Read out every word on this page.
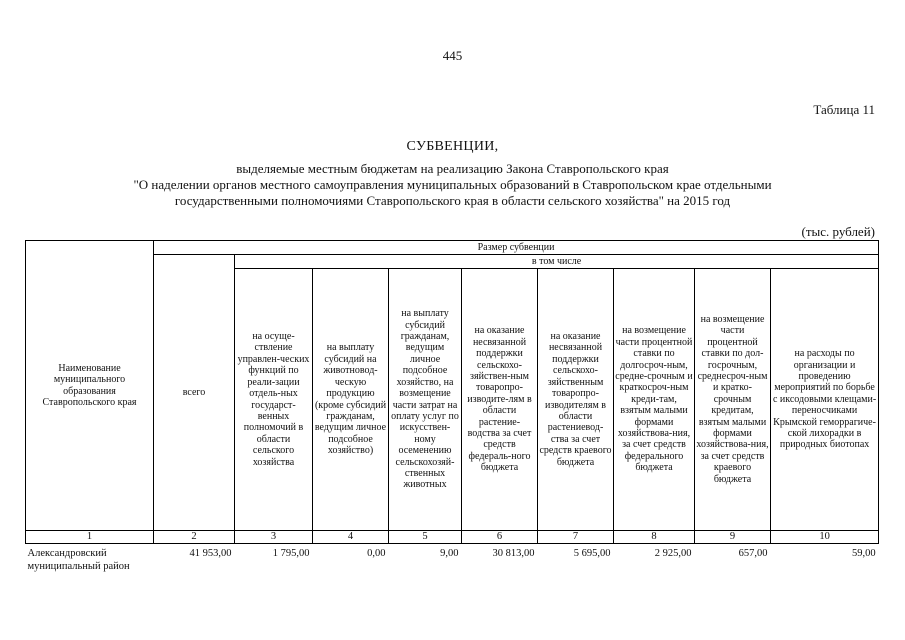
445
Таблица 11
СУБВЕНЦИИ,
выделяемые местным бюджетам на реализацию Закона Ставропольского края
"О наделении органов местного самоуправления муниципальных образований в Ставропольском крае отдельными
государственными полномочиями Ставропольского края в области сельского хозяйства" на 2015 год
(тыс. рублей)
Наименование муниципального образования Ставропольского края	Размер субвенции								
	всего	в том числе							
		на осуще-ствление управлен-ческих функций по реали-зации отдель-ных государст-венных полномочий в области сельского хозяйства	на выплату субсидий на животновод-ческую продукцию (кроме субсидий гражданам, ведущим личное подсобное хозяйство)	на выплату субсидий гражданам, ведущим личное подсобное хозяйство, на возмещение части затрат на оплату услуг по искусствен-ному осеменению сельскохозяй-ственных животных	на оказание несвязанной поддержки сельскохо-зяйствен-ным товаропро-изводите-лям в области растение-водства за счет средств федераль-ного бюджета	на оказание несвязанной поддержки сельскохо-зяйственным товаропро-изводителям в области растениевод-ства за счет средств краевого бюджета	на возмещение части процентной ставки по долгосроч-ным, средне-срочным и краткосроч-ным креди-там, взятым малыми формами хозяйствова-ния, за счет средств федерального бюджета	на возмещение части процентной ставки по дол-госрочным, среднесроч-ным и кратко-срочным кредитам, взятым малыми формами хозяйствова-ния, за счет средств краевого бюджета	на расходы по организации и проведению мероприятий по борьбе с иксодовыми клещами-переносчиками Крымской геморрагиче-ской лихорадки в природных биотопах
1	2	3	4	5	6	7	8	9	10
Александровский муниципальный район	41 953,00	1 795,00	0,00	9,00	30 813,00	5 695,00	2 925,00	657,00	59,00
